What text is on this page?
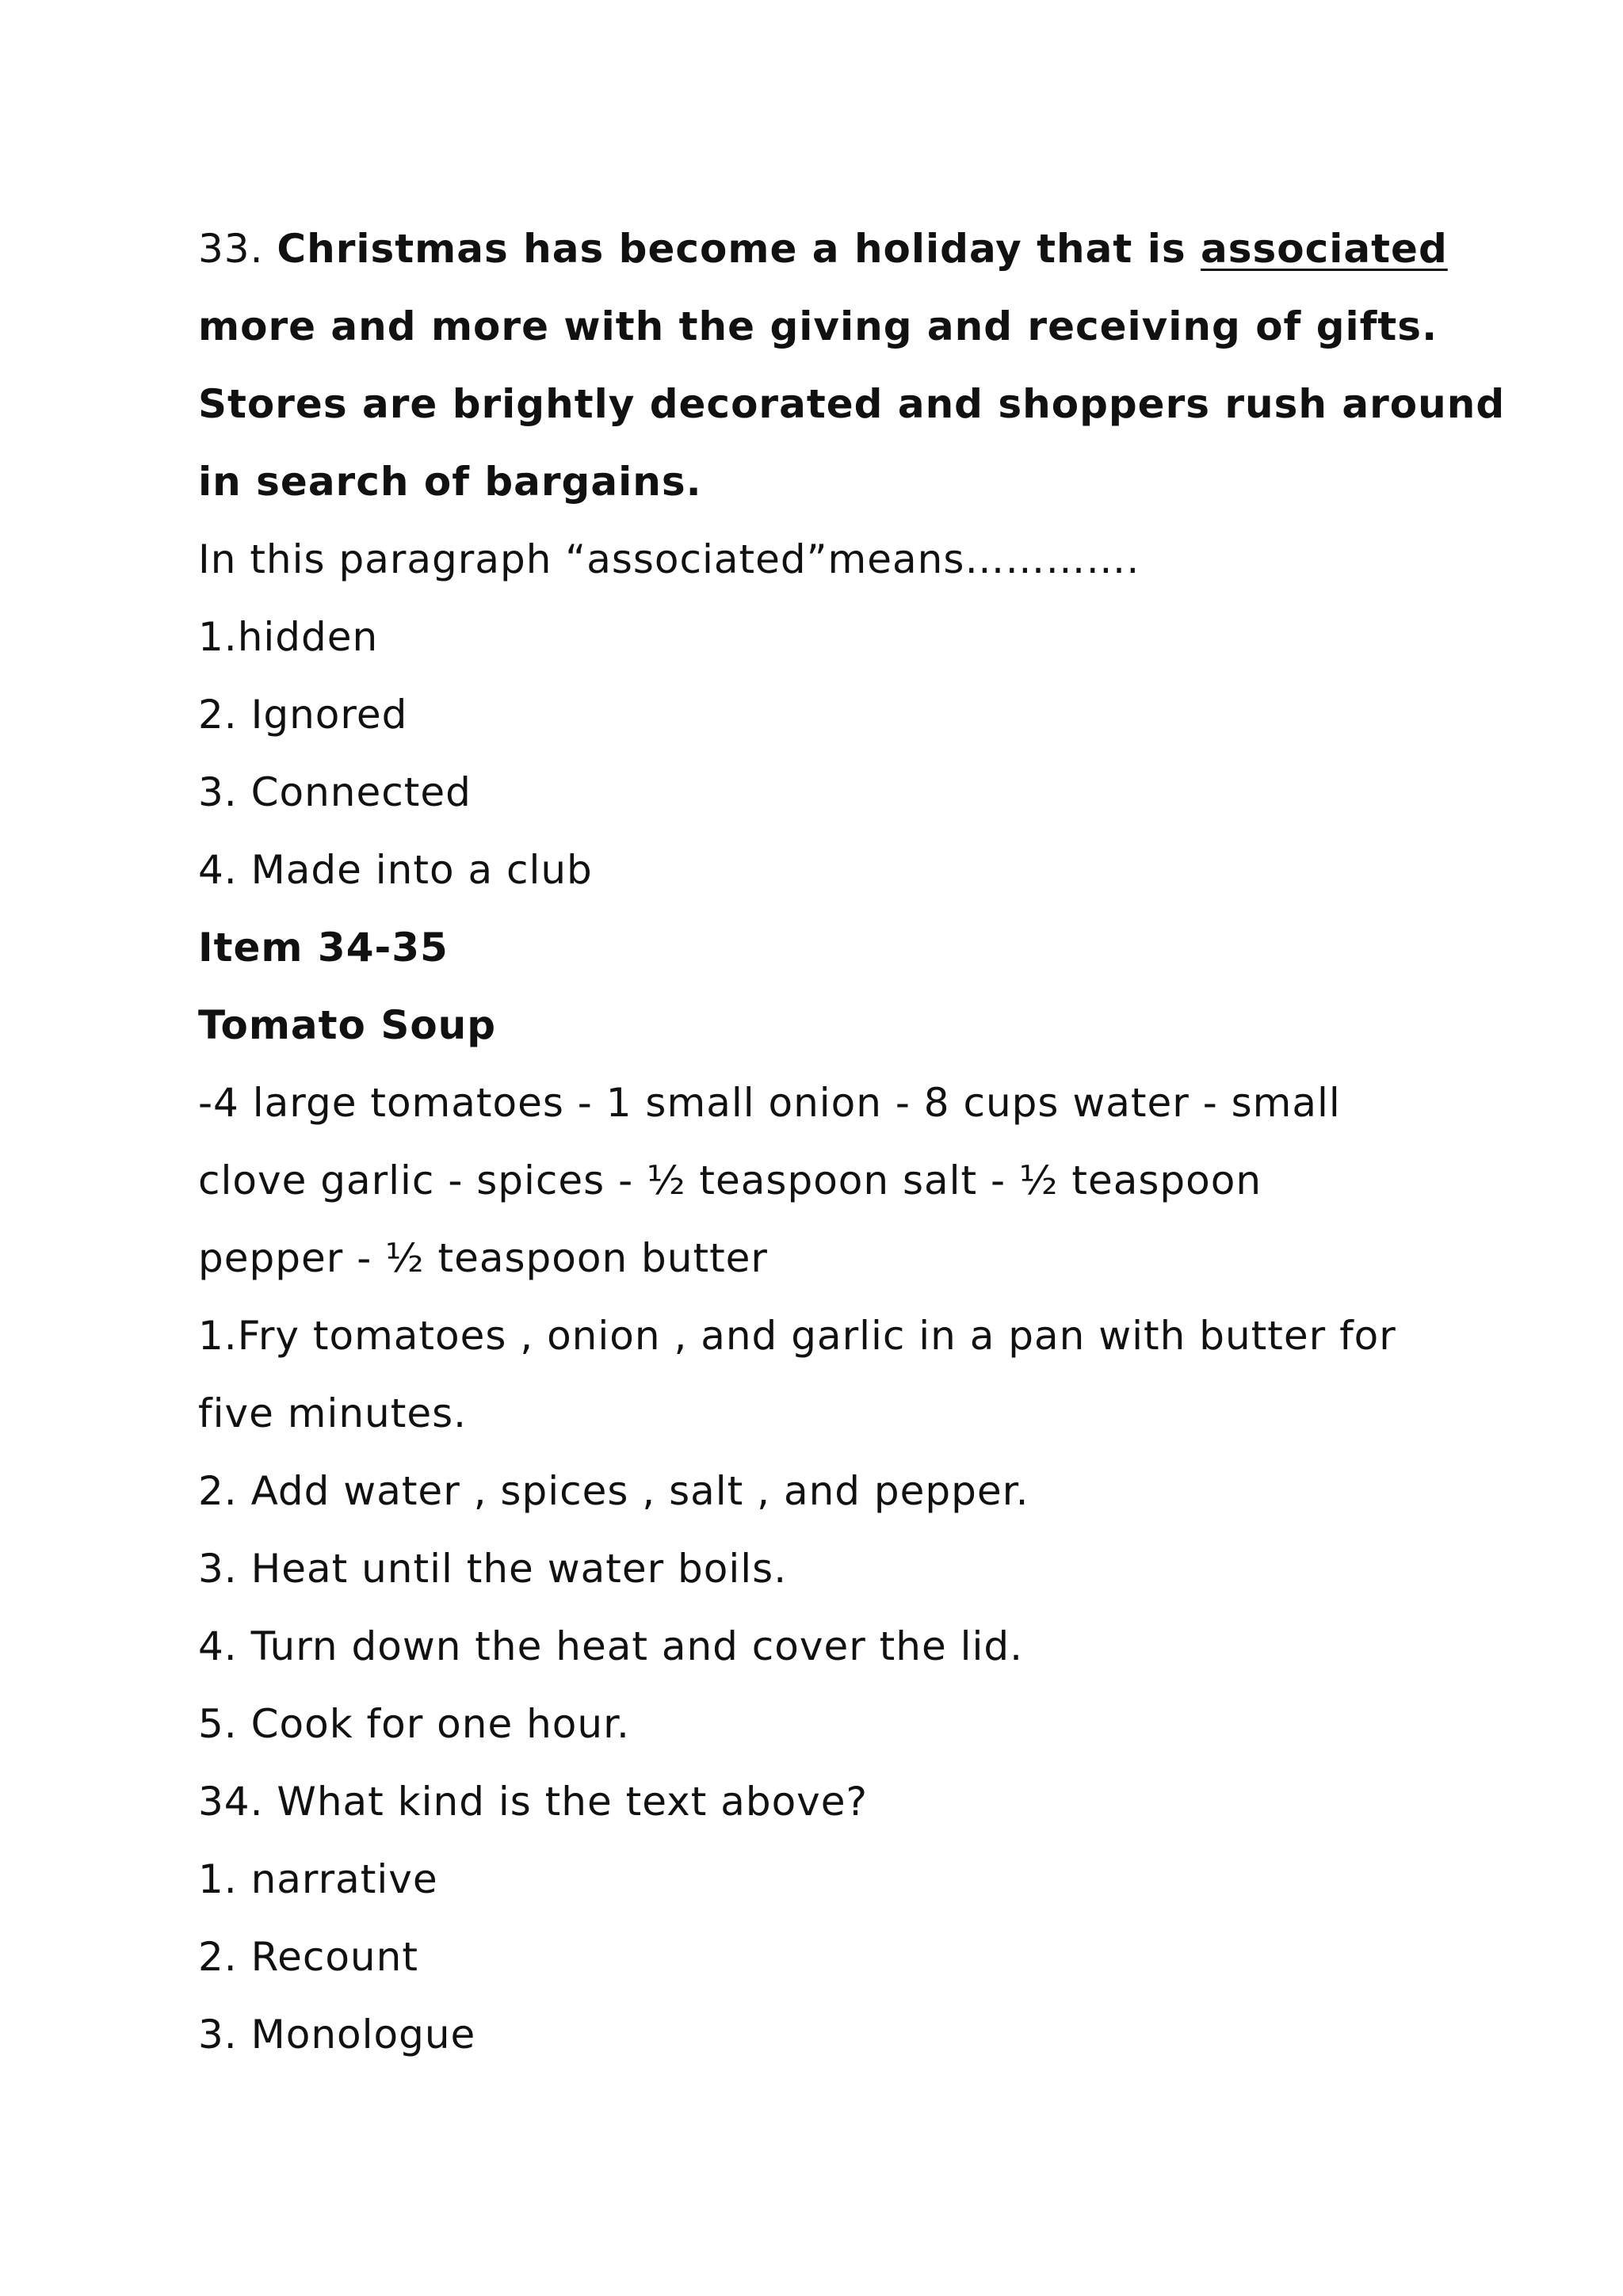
33. Christmas has become a holiday that is associated
more and more with the giving and receiving of gifts.
Stores are brightly decorated and shoppers rush around
in search of bargains.
In this paragraph “associated”means………….
1.hidden
2. Ignored
3. Connected
4. Made into a club
Item 34-35
Tomato Soup
-4 large tomatoes - 1 small onion - 8 cups water - small
clove garlic - spices - ½ teaspoon salt - ½ teaspoon
pepper - ½ teaspoon butter
1.Fry tomatoes , onion , and garlic in a pan with butter for
five minutes.
2. Add water , spices , salt , and pepper.
3. Heat until the water boils.
4. Turn down the heat and cover the lid.
5. Cook for one hour.
34. What kind is the text above?
1. narrative
2. Recount
3. Monologue
